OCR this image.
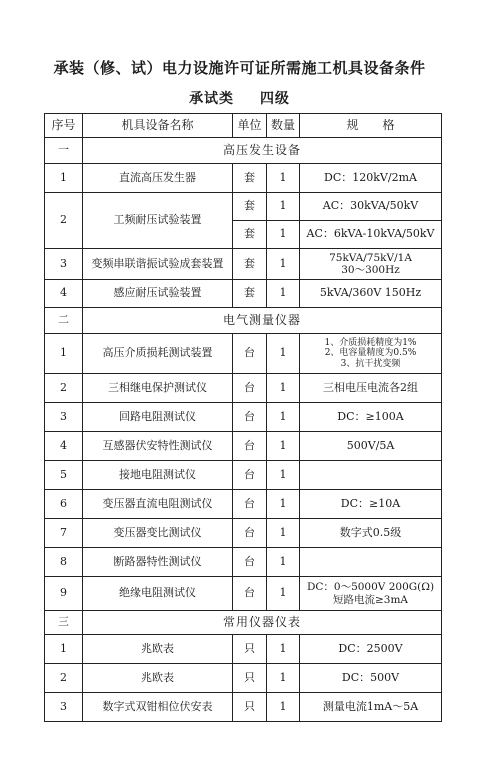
承装（修、试）电力设施许可证所需施工机具设备条件
承试类 四级
序号	机具设备名称	单位	数量	规　　格
一	高压发生设备			
1	直流高压发生器	套	1	DC：120kV/2mA
2	工频耐压试验装置	套	1	AC：30kVA/50kV
		套	1	AC：6kVA-10kVA/50kV
3	变频串联谐振试验成套装置	套	1	75kVA/75kV/1A
30～300Hz

4	感应耐压试验装置	套	1	5kVA/360V 150Hz
二	电气测量仪器			
1	高压介质损耗测试装置	台	1	1、介质损耗精度为1%
2、电容量精度为0.5%
3、抗干扰变频

2	三相继电保护测试仪	台	1	三相电压电流各2组
3	回路电阻测试仪	台	1	DC：≥100A
4	互感器伏安特性测试仪	台	1	500V/5A
5	接地电阻测试仪	台	1	
6	变压器直流电阻测试仪	台	1	DC：≥10A
7	变压器变比测试仪	台	1	数字式0.5级
8	断路器特性测试仪	台	1	
9	绝缘电阻测试仪	台	1	DC：0～5000V 200G(Ω)
短路电流≥3mA

三	常用仪器仪表			
1	兆欧表	只	1	DC：2500V
2	兆欧表	只	1	DC：500V
3	数字式双钳相位伏安表	只	1	测量电流1mA～5A
